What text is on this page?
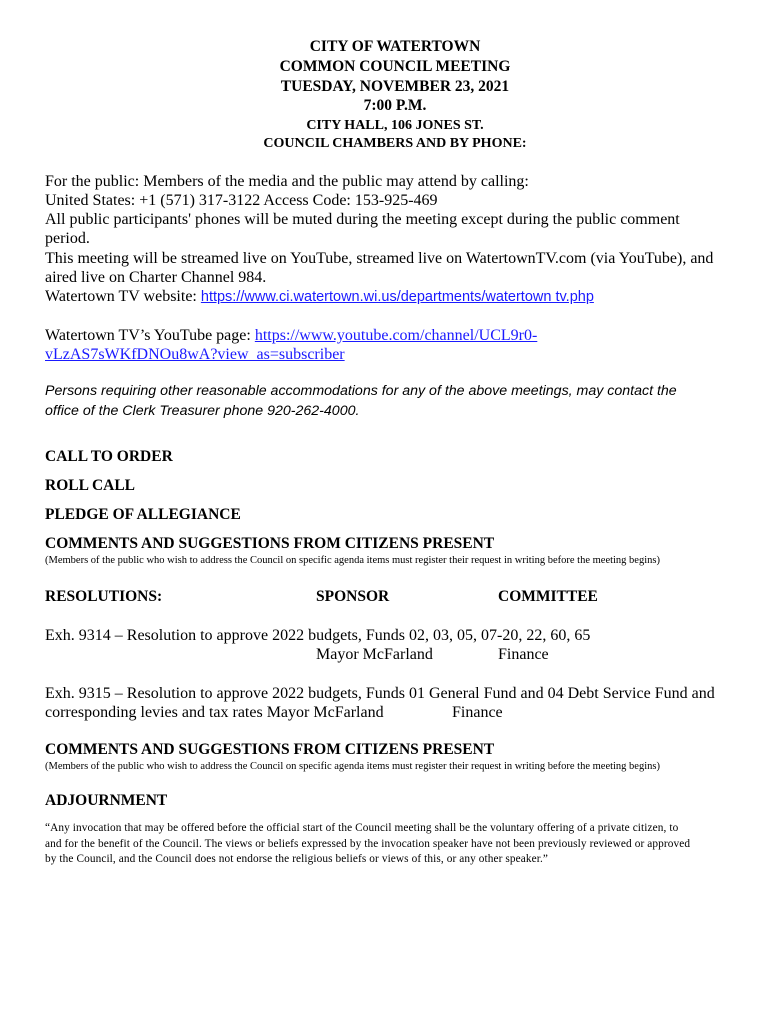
CITY OF WATERTOWN
COMMON COUNCIL MEETING
TUESDAY, NOVEMBER 23, 2021
7:00 P.M.
CITY HALL, 106 JONES ST.
COUNCIL CHAMBERS AND BY PHONE:
For the public: Members of the media and the public may attend by calling:
United States: +1 (571) 317-3122 Access Code: 153-925-469
All public participants' phones will be muted during the meeting except during the public comment
period.
This meeting will be streamed live on YouTube, streamed live on WatertownTV.com (via YouTube), and
aired live on Charter Channel 984.
Watertown TV website: https://www.ci.watertown.wi.us/departments/watertown tv.php
Watertown TV’s YouTube page: https://www.youtube.com/channel/UCL9r0-
vLzAS7sWKfDNOu8wA?view_as=subscriber
Persons requiring other reasonable accommodations for any of the above meetings, may contact the
office of the Clerk Treasurer phone 920-262-4000.
CALL TO ORDER
ROLL CALL
PLEDGE OF ALLEGIANCE
COMMENTS AND SUGGESTIONS FROM CITIZENS PRESENT
(Members of the public who wish to address the Council on specific agenda items must register their request in writing before the meeting begins)
RESOLUTIONS:	SPONSOR	COMMITTEE
Exh. 9314 – Resolution to approve 2022 budgets, Funds 02, 03, 05, 07-20, 22, 60, 65
Mayor McFarland	Finance
Exh. 9315 – Resolution to approve 2022 budgets, Funds 01 General Fund and 04 Debt Service Fund and
corresponding levies and tax rates Mayor McFarland	Finance
COMMENTS AND SUGGESTIONS FROM CITIZENS PRESENT
(Members of the public who wish to address the Council on specific agenda items must register their request in writing before the meeting begins)
ADJOURNMENT
“Any invocation that may be offered before the official start of the Council meeting shall be the voluntary offering of a private citizen, to
and for the benefit of the Council. The views or beliefs expressed by the invocation speaker have not been previously reviewed or approved
by the Council, and the Council does not endorse the religious beliefs or views of this, or any other speaker.”
